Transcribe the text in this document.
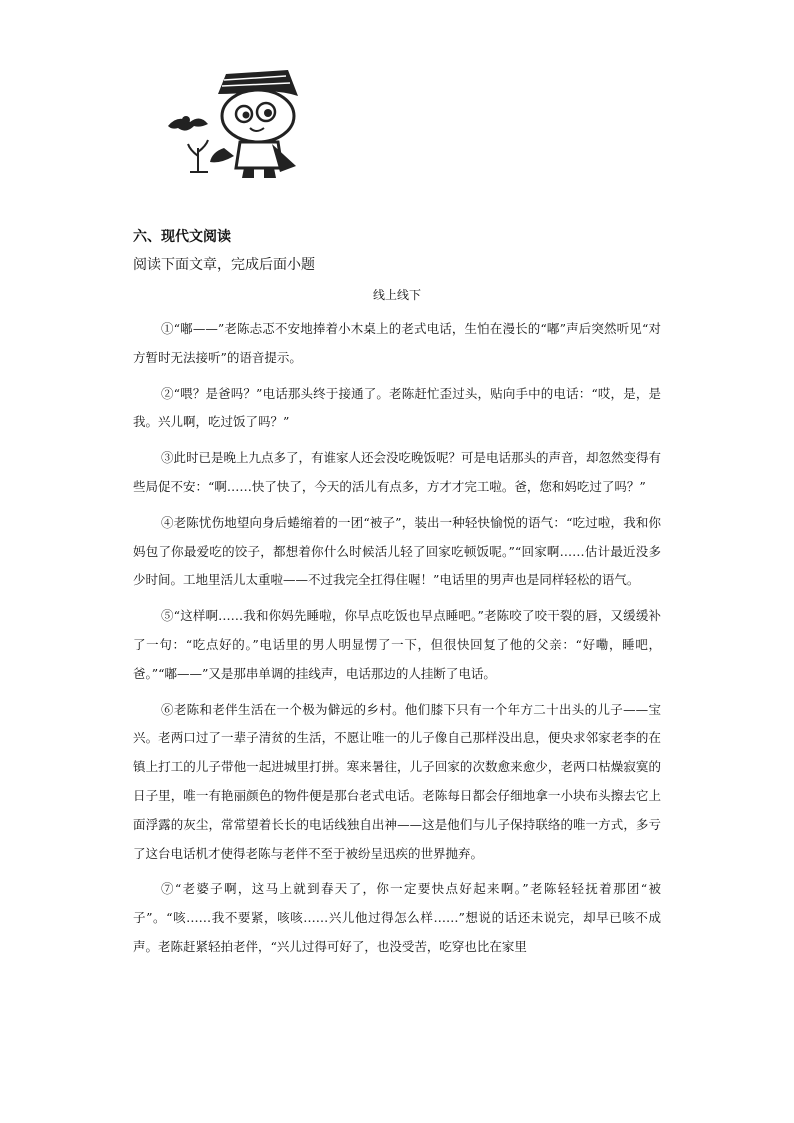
六、现代文阅读
阅读下面文章，完成后面小题
线上线下

①“嘟——”老陈忐忑不安地捧着小木桌上的老式电话，生怕在漫长的“嘟”声后突然听见“对方暂时无法接听”的语音提示。

②“喂？是爸吗？”电话那头终于接通了。老陈赶忙歪过头，贴向手中的电话：“哎，是，是我。兴儿啊，吃过饭了吗？”

③此时已是晚上九点多了，有谁家人还会没吃晚饭呢？可是电话那头的声音，却忽然变得有些局促不安：“啊……快了快了，今天的活儿有点多，方才才完工啦。爸，您和妈吃过了吗？”

④老陈忧伤地望向身后蜷缩着的一团“被子”，装出一种轻快愉悦的语气：“吃过啦，我和你妈包了你最爱吃的饺子，都想着你什么时候活儿轻了回家吃顿饭呢。”“回家啊……估计最近没多少时间。工地里活儿太重啦——不过我完全扛得住喔！”电话里的男声也是同样轻松的语气。

⑤“这样啊……我和你妈先睡啦，你早点吃饭也早点睡吧。”老陈咬了咬干裂的唇，又缓缓补了一句：“吃点好的。”电话里的男人明显愣了一下，但很快回复了他的父亲：“好嘞，睡吧，爸。”“嘟——”又是那串单调的挂线声，电话那边的人挂断了电话。

⑥老陈和老伴生活在一个极为僻远的乡村。他们膝下只有一个年方二十出头的儿子——宝兴。老两口过了一辈子清贫的生活，不愿让唯一的儿子像自己那样没出息，便央求邻家老李的在镇上打工的儿子带他一起进城里打拼。寒来暑往，儿子回家的次数愈来愈少，老两口枯燥寂寞的日子里，唯一有艳丽颜色的物件便是那台老式电话。老陈每日都会仔细地拿一小块布头擦去它上面浮露的灰尘，常常望着长长的电话线独自出神——这是他们与儿子保持联络的唯一方式，多亏了这台电话机才使得老陈与老伴不至于被纷呈迅疾的世界抛弃。

⑦“老婆子啊，这马上就到春天了，你一定要快点好起来啊。”老陈轻轻抚着那团“被子”。“咳……我不要紧，咳咳……兴儿他过得怎么样……”想说的话还未说完，却早已咳不成声。老陈赶紧轻拍老伴，“兴儿过得可好了，也没受苦，吃穿也比在家里
